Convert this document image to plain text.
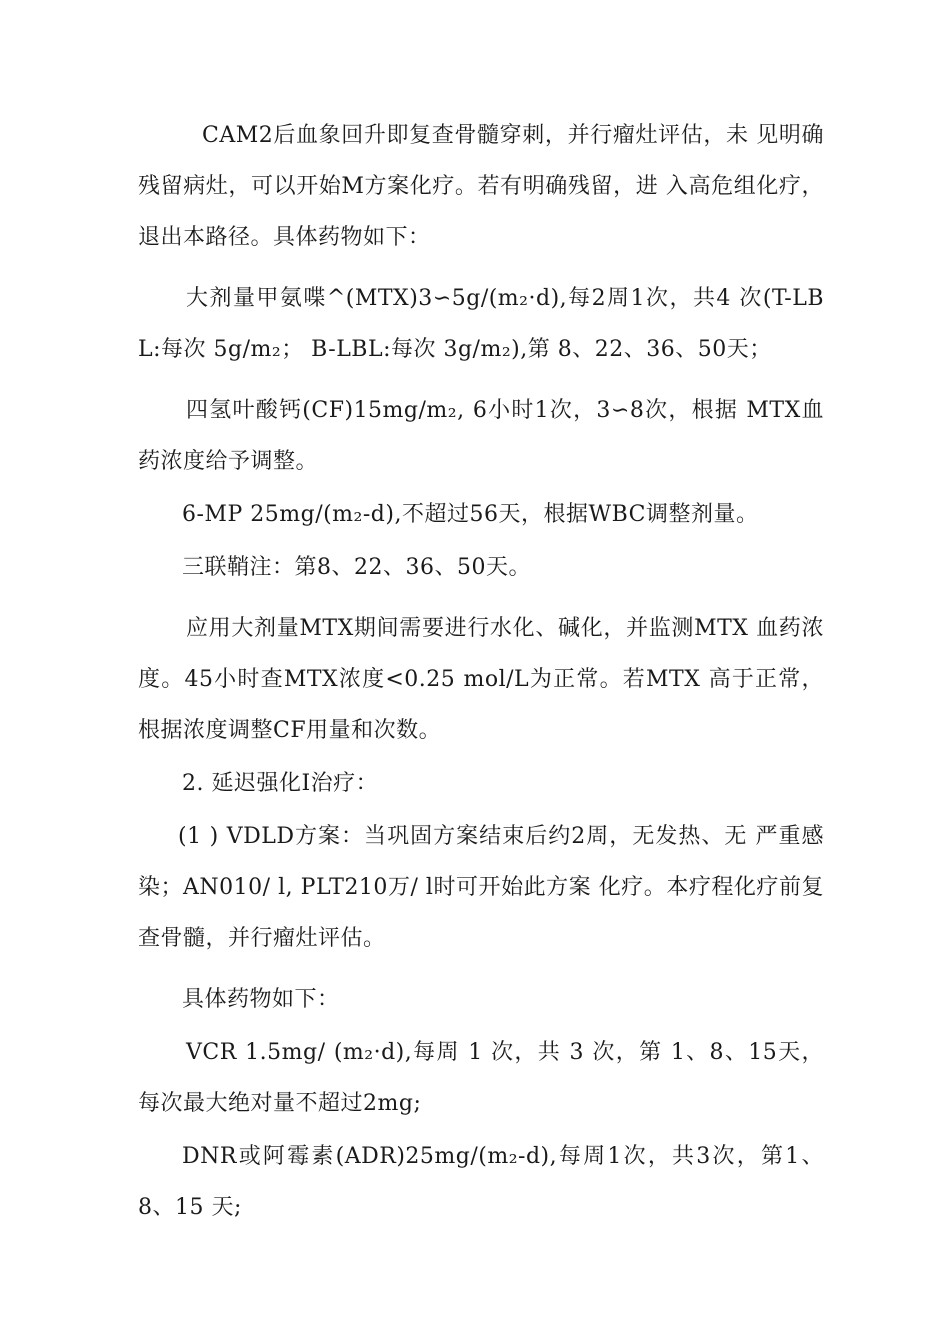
CAM2后血象回升即复查骨髓穿刺，并行瘤灶评估，未 见明确残留病灶，可以开始M方案化疗。若有明确残留，进 入高危组化疗，退出本路径。具体药物如下：

大剂量甲氨喋^(MTX)3∽5g/(m₂·d),每2周1次，共4 次(T-LBL:每次 5g/m₂； B-LBL:每次 3g/m₂),第 8、22、36、50天；

四氢叶酸钙(CF)15mg/m₂, 6小时1次，3∽8次，根据 MTX血药浓度给予调整。

6-MP 25mg/(m₂-d),不超过56天，根据WBC调整剂量。

三联鞘注：第8、22、36、50天。

应用大剂量MTX期间需要进行水化、碱化，并监测MTX 血药浓度。45小时查MTX浓度<0.25 mol/L为正常。若MTX 高于正常，根据浓度调整CF用量和次数。

2. 延迟强化I治疗：

(1 ) VDLD方案：当巩固方案结束后约2周，无发热、无 严重感染；AN010/ l, PLT210万/ l时可开始此方案 化疗。本疗程化疗前复查骨髓，并行瘤灶评估。

具体药物如下：

VCR 1.5mg/ (m₂·d),每周 1 次，共 3 次，第 1、8、15天，每次最大绝对量不超过2mg;

DNR或阿霉素(ADR)25mg/(m₂-d),每周1次，共3次，第1、8、15 天;
